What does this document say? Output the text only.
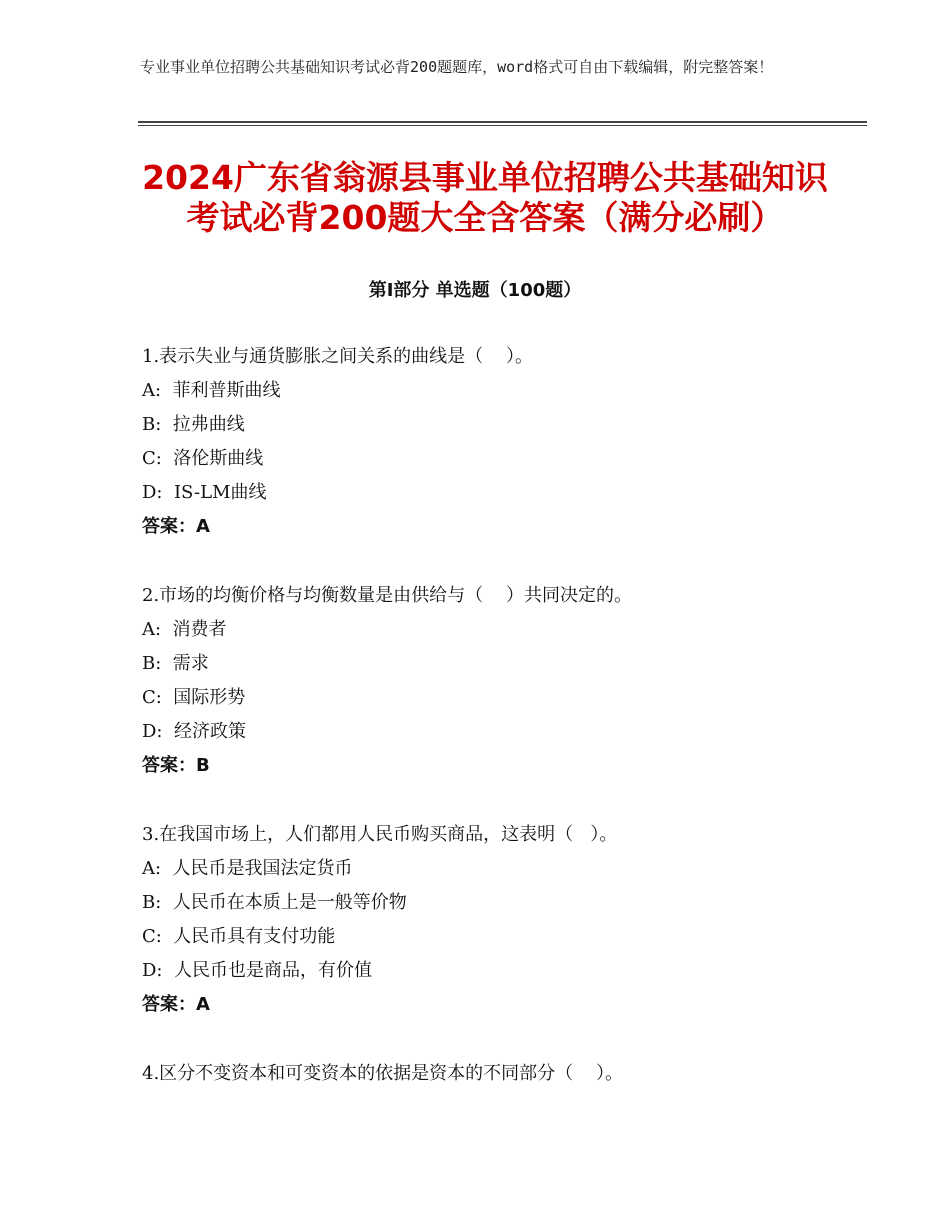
专业事业单位招聘公共基础知识考试必背200题题库，word格式可自由下载编辑，附完整答案！
2024广东省翁源县事业单位招聘公共基础知识考试必背200题大全含答案（满分必刷）
第I部分 单选题（100题）
1.表示失业与通货膨胀之间关系的曲线是（    ）。
A:  菲利普斯曲线
B:  拉弗曲线
C:  洛伦斯曲线
D:  IS-LM曲线
答案：A
2.市场的均衡价格与均衡数量是由供给与（    ）共同决定的。
A:  消费者
B:  需求
C:  国际形势
D:  经济政策
答案：B
3.在我国市场上，人们都用人民币购买商品，这表明（   ）。
A:  人民币是我国法定货币
B:  人民币在本质上是一般等价物
C:  人民币具有支付功能
D:  人民币也是商品，有价值
答案：A
4.区分不变资本和可变资本的依据是资本的不同部分（    ）。
